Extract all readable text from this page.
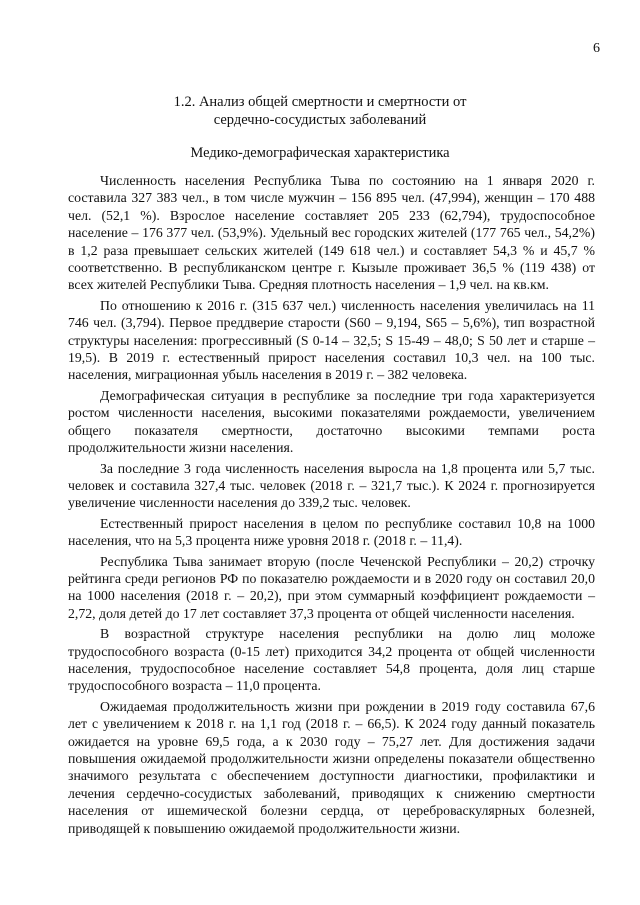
6
1.2. Анализ общей смертности и смертности от
сердечно-сосудистых заболеваний
Медико-демографическая характеристика

Численность населения Республика Тыва по состоянию на 1 января 2020 г. составила 327 383 чел., в том числе мужчин – 156 895 чел. (47,994), женщин – 170 488 чел. (52,1 %). Взрослое население составляет 205 233 (62,794), трудоспособное население – 176 377 чел. (53,9%). Удельный вес городских жителей (177 765 чел., 54,2%) в 1,2 раза превышает сельских жителей (149 618 чел.) и составляет 54,3 % и 45,7 % соответственно. В республиканском центре г. Кызыле проживает 36,5 % (119 438) от всех жителей Республики Тыва. Средняя плотность населения – 1,9 чел. на кв.км.

По отношению к 2016 г. (315 637 чел.) численность населения увеличилась на 11 746 чел. (3,794). Первое преддверие старости (S60 – 9,194, S65 – 5,6%), тип возрастной структуры населения: прогрессивный (S 0-14 – 32,5; S 15-49 – 48,0; S 50 лет и старше – 19,5). В 2019 г. естественный прирост населения составил 10,3 чел. на 100 тыс. населения, миграционная убыль населения в 2019 г. – 382 человека.

Демографическая ситуация в республике за последние три года характеризуется ростом численности населения, высокими показателями рождаемости, увеличением общего показателя смертности, достаточно высокими темпами роста продолжительности жизни населения.

За последние 3 года численность населения выросла на 1,8 процента или 5,7 тыс. человек и составила 327,4 тыс. человек (2018 г. – 321,7 тыс.). К 2024 г. прогнозируется увеличение численности населения до 339,2 тыс. человек.

Естественный прирост населения в целом по республике составил 10,8 на 1000 населения, что на 5,3 процента ниже уровня 2018 г. (2018 г. – 11,4).

Республика Тыва занимает вторую (после Чеченской Республики – 20,2) строчку рейтинга среди регионов РФ по показателю рождаемости и в 2020 году он составил 20,0 на 1000 населения (2018 г. – 20,2), при этом суммарный коэффициент рождаемости – 2,72, доля детей до 17 лет составляет 37,3 процента от общей численности населения.

В возрастной структуре населения республики на долю лиц моложе трудоспособного возраста (0-15 лет) приходится 34,2 процента от общей численности населения, трудоспособное население составляет 54,8 процента, доля лиц старше трудоспособного возраста – 11,0 процента.

Ожидаемая продолжительность жизни при рождении в 2019 году составила 67,6 лет с увеличением к 2018 г. на 1,1 год (2018 г. – 66,5). К 2024 году данный показатель ожидается на уровне 69,5 года, а к 2030 году – 75,27 лет. Для достижения задачи повышения ожидаемой продолжительности жизни определены показатели общественно значимого результата с обеспечением доступности диагностики, профилактики и лечения сердечно-сосудистых заболеваний, приводящих к снижению смертности населения от ишемической болезни сердца, от цереброваскулярных болезней, приводящей к повышению ожидаемой продолжительности жизни.
